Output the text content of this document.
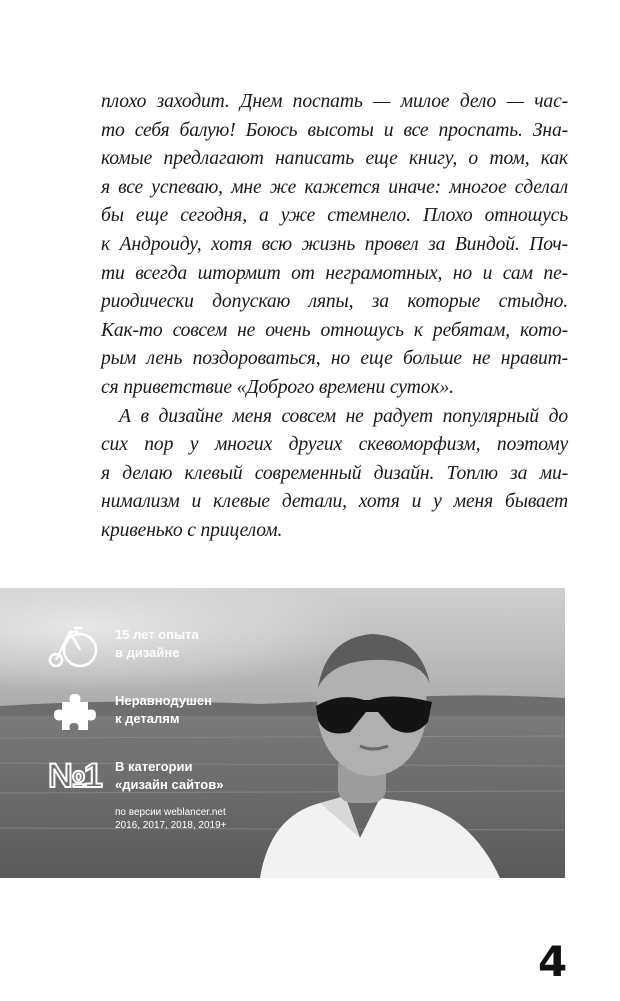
плохо заходит. Днем поспать — милое дело — час-
то себя балую! Боюсь высоты и все проспать. Зна-
комые предлагают написать еще книгу, о том, как
я все успеваю, мне же кажется иначе: многое сделал
бы еще сегодня, а уже стемнело. Плохо отношусь
к Андроиду, хотя всю жизнь провел за Виндой. Поч-
ти всегда штормит от неграмотных, но и сам пе-
риодически допускаю ляпы, за которые стыдно.
Как-то совсем не очень отношусь к ребятам, кото-
рым лень поздороваться, но еще больше не нравит-
ся приветствие «Доброго времени суток».
А в дизайне меня совсем не радует популярный до
сих пор у многих других скевоморфизм, поэтому
я делаю клевый современный дизайн. Топлю за ми-
нимализм и клевые детали, хотя и у меня бывает
кривенько с прицелом.
15 лет опыта
в дизайне
Неравнодушен
к деталям
№1 В категории
«дизайн сайтов»
по версии weblancer.net
2016, 2017, 2018, 2019+
4
